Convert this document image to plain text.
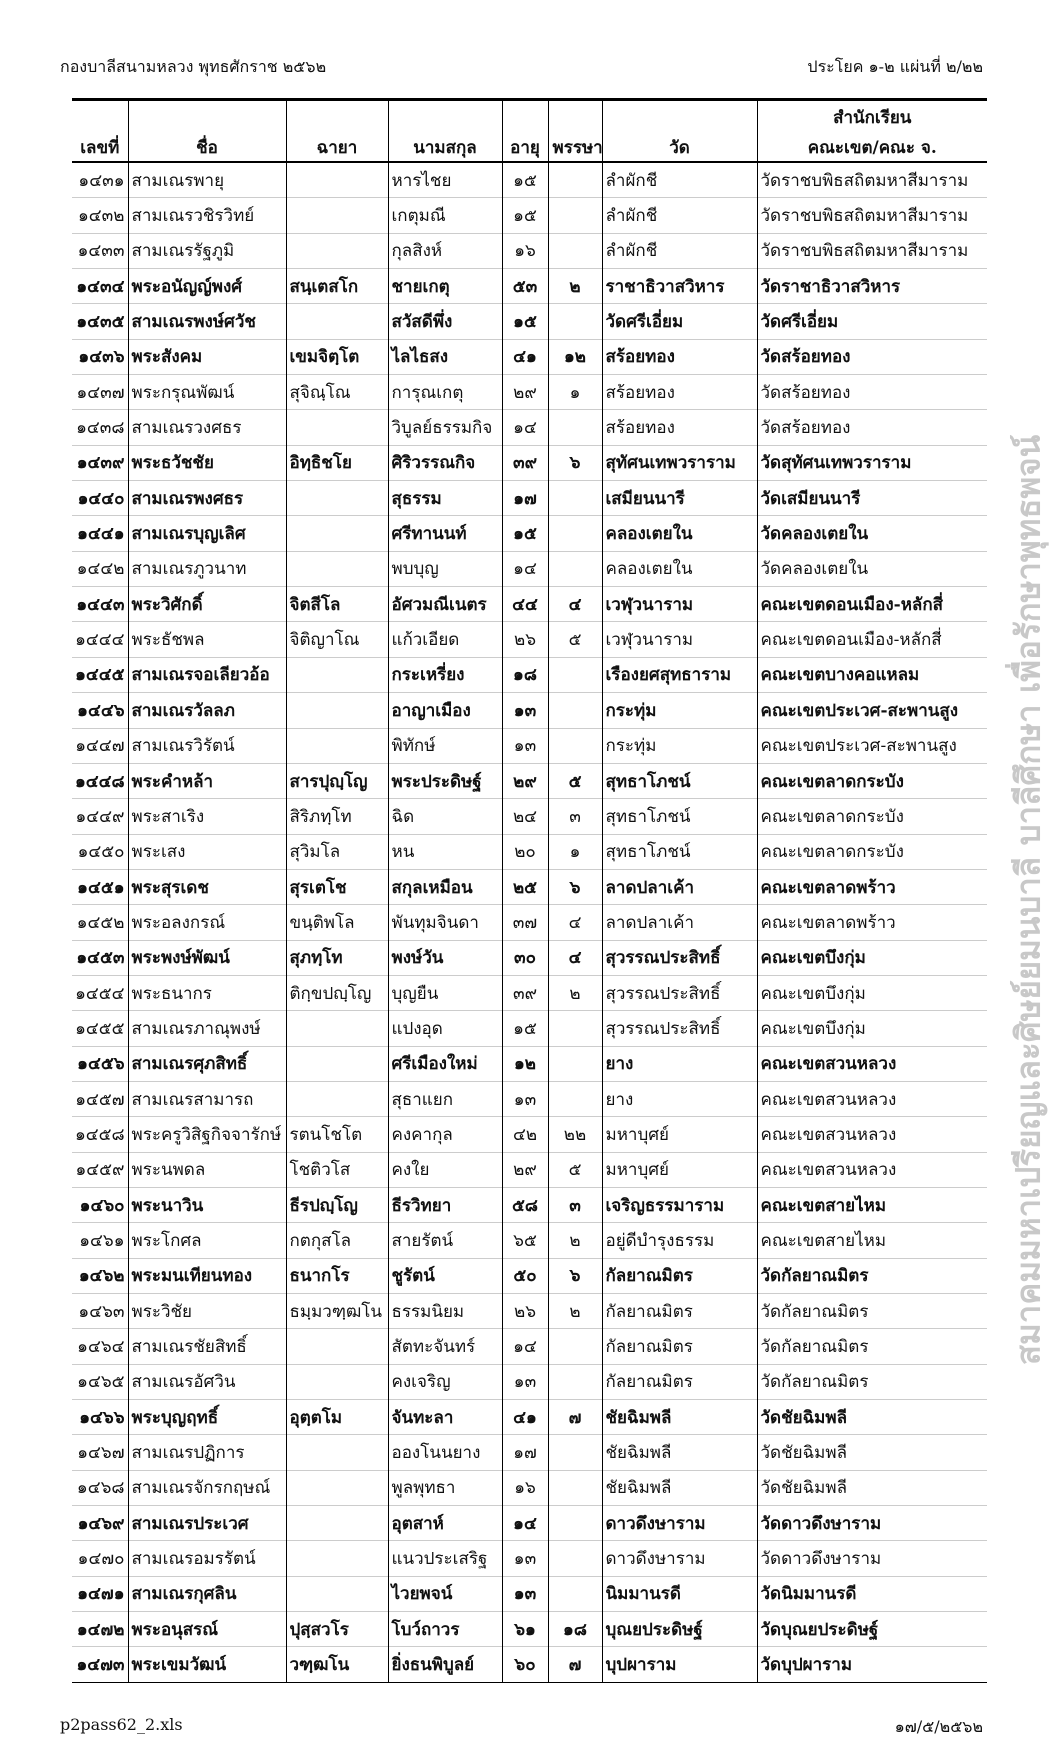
กองบาลีสนามหลวง พุทธศักราช ๒๕๖๒	ประโยค ๑-๒ แผ่นที่ ๒/๒๒
							สำนักเรียน
เลขที่	ชื่อ	ฉายา	นามสกุล	อายุ	พรรษา	วัด	คณะเขต/คณะ จ.
๑๔๓๑	สามเณรพายุ		หารไชย	๑๕		ลำผักชี	วัดราชบพิธสถิตมหาสีมาราม
๑๔๓๒	สามเณรวชิรวิทย์		เกตุมณี	๑๕		ลำผักชี	วัดราชบพิธสถิตมหาสีมาราม
๑๔๓๓	สามเณรรัฐภูมิ		กุลสิงห์	๑๖		ลำผักชี	วัดราชบพิธสถิตมหาสีมาราม
๑๔๓๔	พระอนัญญ์พงศ์	สนฺเตสโก	ชายเกตุ	๕๓	๒	ราชาธิวาสวิหาร	วัดราชาธิวาสวิหาร
๑๔๓๕	สามเณรพงษ์ศวัช		สวัสดีพึ่ง	๑๕		วัดศรีเอี่ยม	วัดศรีเอี่ยม
๑๔๓๖	พระสังคม	เขมจิตฺโต	ไลไธสง	๔๑	๑๒	สร้อยทอง	วัดสร้อยทอง
๑๔๓๗	พระกรุณพัฒน์	สุจิณฺโณ	การุณเกตุ	๒๙	๑	สร้อยทอง	วัดสร้อยทอง
๑๔๓๘	สามเณรวงศธร		วิบูลย์ธรรมกิจ	๑๔		สร้อยทอง	วัดสร้อยทอง
๑๔๓๙	พระธวัชชัย	อิทฺธิชโย	ศิริวรรณกิจ	๓๙	๖	สุทัศนเทพวราราม	วัดสุทัศนเทพวราราม
๑๔๔๐	สามเณรพงศธร		สุธรรม	๑๗		เสมียนนารี	วัดเสมียนนารี
๑๔๔๑	สามเณรบุญเลิศ		ศรีทานนท์	๑๕		คลองเตยใน	วัดคลองเตยใน
๑๔๔๒	สามเณรภูวนาท		พบบุญ	๑๔		คลองเตยใน	วัดคลองเตยใน
๑๔๔๓	พระวิศักดิ์	จิตสีโล	อัศวมณีเนตร	๔๔	๔	เวฬุวนาราม	คณะเขตดอนเมือง-หลักสี่
๑๔๔๔	พระธัชพล	จิติญาโณ	แก้วเอียด	๒๖	๕	เวฬุวนาราม	คณะเขตดอนเมือง-หลักสี่
๑๔๔๕	สามเณรจอเลียวอ้อ		กระเหรี่ยง	๑๘		เรืองยศสุทธาราม	คณะเขตบางคอแหลม
๑๔๔๖	สามเณรวัลลภ		อาญาเมือง	๑๓		กระทุ่ม	คณะเขตประเวศ-สะพานสูง
๑๔๔๗	สามเณรวิรัตน์		พิทักษ์	๑๓		กระทุ่ม	คณะเขตประเวศ-สะพานสูง
๑๔๔๘	พระคำหล้า	สารปุญฺโญ	พระประดิษฐ์	๒๙	๕	สุทธาโภชน์	คณะเขตลาดกระบัง
๑๔๔๙	พระสาเริง	สิริภทฺโท	ฉิด	๒๔	๓	สุทธาโภชน์	คณะเขตลาดกระบัง
๑๔๕๐	พระเสง	สุวิมโล	หน	๒๐	๑	สุทธาโภชน์	คณะเขตลาดกระบัง
๑๔๕๑	พระสุรเดช	สุรเตโช	สกุลเหมือน	๒๕	๖	ลาดปลาเค้า	คณะเขตลาดพร้าว
๑๔๕๒	พระอลงกรณ์	ขนฺติพโล	พันทุมจินดา	๓๗	๔	ลาดปลาเค้า	คณะเขตลาดพร้าว
๑๔๕๓	พระพงษ์พัฒน์	สุภทฺโท	พงษ์วัน	๓๐	๔	สุวรรณประสิทธิ์	คณะเขตบึงกุ่ม
๑๔๕๔	พระธนากร	ติกฺขปญฺโญ	บุญยืน	๓๙	๒	สุวรรณประสิทธิ์	คณะเขตบึงกุ่ม
๑๔๕๕	สามเณรภาณุพงษ์		แปงอุด	๑๕		สุวรรณประสิทธิ์	คณะเขตบึงกุ่ม
๑๔๕๖	สามเณรศุภสิทธิ์		ศรีเมืองใหม่	๑๒		ยาง	คณะเขตสวนหลวง
๑๔๕๗	สามเณรสามารถ		สุธาแยก	๑๓		ยาง	คณะเขตสวนหลวง
๑๔๕๘	พระครูวิสิฐกิจจารักษ์	รตนโชโต	คงคากุล	๔๒	๒๒	มหาบุศย์	คณะเขตสวนหลวง
๑๔๕๙	พระนพดล	โชติวโส	คงใย	๒๙	๕	มหาบุศย์	คณะเขตสวนหลวง
๑๔๖๐	พระนาวิน	ธีรปญฺโญ	ธีรวิทยา	๕๘	๓	เจริญธรรมาราม	คณะเขตสายไหม
๑๔๖๑	พระโกศล	กตกุสโล	สายรัตน์	๖๕	๒	อยู่ดีบำรุงธรรม	คณะเขตสายไหม
๑๔๖๒	พระมนเทียนทอง	ธนากโร	ชูรัตน์	๕๐	๖	กัลยาณมิตร	วัดกัลยาณมิตร
๑๔๖๓	พระวิชัย	ธมฺมวฑฺฒโน	ธรรมนิยม	๒๖	๒	กัลยาณมิตร	วัดกัลยาณมิตร
๑๔๖๔	สามเณรชัยสิทธิ์		สัตทะจันทร์	๑๔		กัลยาณมิตร	วัดกัลยาณมิตร
๑๔๖๕	สามเณรอัศวิน		คงเจริญ	๑๓		กัลยาณมิตร	วัดกัลยาณมิตร
๑๔๖๖	พระบุญฤทธิ์	อุตฺตโม	จันทะลา	๔๑	๗	ชัยฉิมพลี	วัดชัยฉิมพลี
๑๔๖๗	สามเณรปฏิการ		อองโนนยาง	๑๗		ชัยฉิมพลี	วัดชัยฉิมพลี
๑๔๖๘	สามเณรจักรกฤษณ์		พูลพุทธา	๑๖		ชัยฉิมพลี	วัดชัยฉิมพลี
๑๔๖๙	สามเณรประเวศ		อุตสาห์	๑๔		ดาวดึงษาราม	วัดดาวดึงษาราม
๑๔๗๐	สามเณรอมรรัตน์		แนวประเสริฐ	๑๓		ดาวดึงษาราม	วัดดาวดึงษาราม
๑๔๗๑	สามเณรกุศลิน		ไวยพจน์	๑๓		นิมมานรดี	วัดนิมมานรดี
๑๔๗๒	พระอนุสรณ์	ปุสฺสวโร	โบว์ถาวร	๖๑	๑๘	บุณยประดิษฐ์	วัดบุณยประดิษฐ์
๑๔๗๓	พระเขมวัฒน์	วฑฺฒโน	ยิ่งธนพิบูลย์	๖๐	๗	บุปผาราม	วัดบุปผาราม
p2pass62_2.xls	๑๗/๕/๒๕๖๒
สมาคมมหาเปรียญและศิษย์ยมนบาลี บาลีศึกษา เพื่อรักษาพุทธพจน์
